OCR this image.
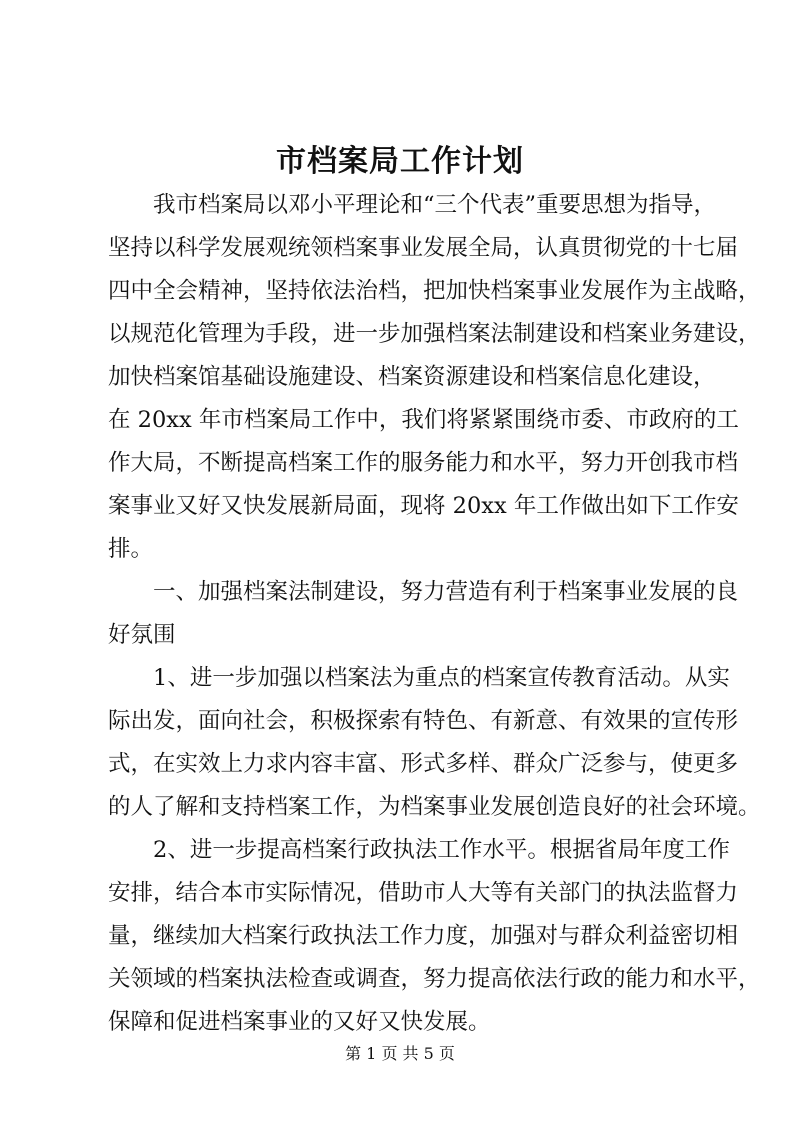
市档案局工作计划
我市档案局以邓小平理论和“三个代表”重要思想为指导，
坚持以科学发展观统领档案事业发展全局，认真贯彻党的十七届
四中全会精神，坚持依法治档，把加快档案事业发展作为主战略，
以规范化管理为手段，进一步加强档案法制建设和档案业务建设，
加快档案馆基础设施建设、档案资源建设和档案信息化建设，
在 20xx 年市档案局工作中，我们将紧紧围绕市委、市政府的工
作大局，不断提高档案工作的服务能力和水平，努力开创我市档
案事业又好又快发展新局面，现将 20xx 年工作做出如下工作安
排。
一、加强档案法制建设，努力营造有利于档案事业发展的良
好氛围
1、进一步加强以档案法为重点的档案宣传教育活动。从实
际出发，面向社会，积极探索有特色、有新意、有效果的宣传形
式，在实效上力求内容丰富、形式多样、群众广泛参与，使更多
的人了解和支持档案工作，为档案事业发展创造良好的社会环境。
2、进一步提高档案行政执法工作水平。根据省局年度工作
安排，结合本市实际情况，借助市人大等有关部门的执法监督力
量，继续加大档案行政执法工作力度，加强对与群众利益密切相
关领域的档案执法检查或调查，努力提高依法行政的能力和水平，
保障和促进档案事业的又好又快发展。
第 1 页 共 5 页
